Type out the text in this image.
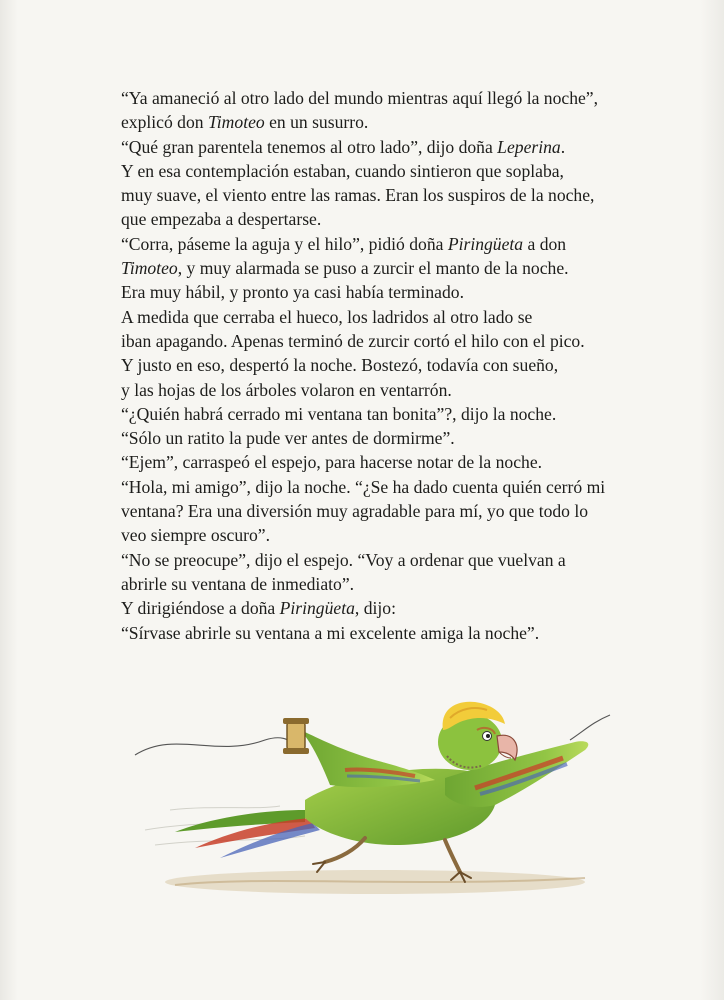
“Ya amaneció al otro lado del mundo mientras aquí llegó la noche”,
explicó don Timoteo en un susurro.
“Qué gran parentela tenemos al otro lado”, dijo doña Leperina.
Y en esa contemplación estaban, cuando sintieron que soplaba,
muy suave, el viento entre las ramas. Eran los suspiros de la noche,
que empezaba a despertarse.
“Corra, páseme la aguja y el hilo”, pidió doña Piringüeta a don
Timoteo, y muy alarmada se puso a zurcir el manto de la noche.
Era muy hábil, y pronto ya casi había terminado.
A medida que cerraba el hueco, los ladridos al otro lado se
iban apagando. Apenas terminó de zurcir cortó el hilo con el pico.
Y justo en eso, despertó la noche. Bostezó, todavía con sueño,
y las hojas de los árboles volaron en ventarrón.
“¿Quién habrá cerrado mi ventana tan bonita”?, dijo la noche.
“Sólo un ratito la pude ver antes de dormirme”.
“Ejem”, carraspeó el espejo, para hacerse notar de la noche.
“Hola, mi amigo”, dijo la noche. “¿Se ha dado cuenta quién cerró mi
ventana? Era una diversión muy agradable para mí, yo que todo lo
veo siempre oscuro”.
“No se preocupe”, dijo el espejo. “Voy a ordenar que vuelvan a
abrirle su ventana de inmediato”.
Y dirigiéndose a doña Piringüeta, dijo:
“Sírvase abrirle su ventana a mi excelente amiga la noche”.
